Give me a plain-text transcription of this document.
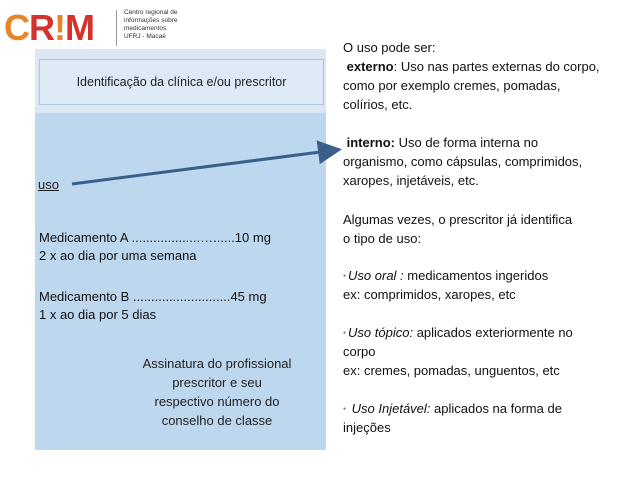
CR!M	Centro regional de
informações sobre
medicamentos
UFRJ - Macaé
Identificação da clínica e/ou prescritor
uso
Medicamento A ...................…......10 mg
2 x ao dia por uma semana
Medicamento B ...........................45 mg
1 x ao dia por 5 dias
Assinatura do profissional
prescritor e seu
respectivo número do
conselho de classe
O uso pode ser:
externo: Uso nas partes externas do corpo,
como por exemplo cremes, pomadas,
colírios, etc.
interno: Uso de forma interna no
organismo, como cápsulas, comprimidos,
xaropes, injetáveis, etc.
Algumas vezes, o prescritor já identifica
o tipo de uso:
● Uso oral : medicamentos ingeridos
ex: comprimidos, xaropes, etc
● Uso tópico: aplicados exteriormente no
corpo
ex: cremes, pomadas, unguentos, etc
● Uso Injetável: aplicados na forma de
injeções
